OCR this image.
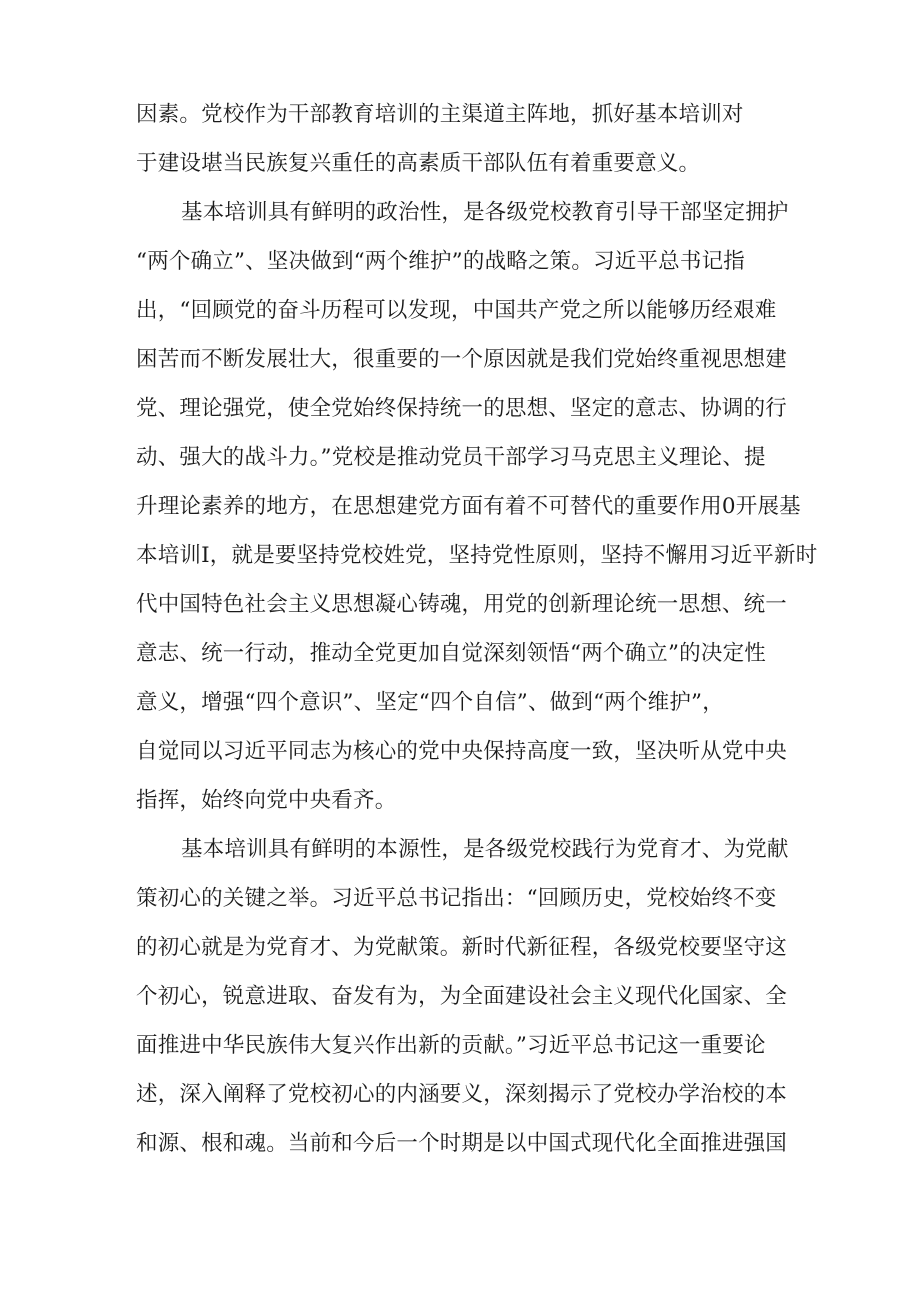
因素。党校作为干部教育培训的主渠道主阵地，抓好基本培训对
于建设堪当民族复兴重任的高素质干部队伍有着重要意义。
基本培训具有鲜明的政治性，是各级党校教育引导干部坚定拥护
“两个确立”、坚决做到“两个维护”的战略之策。习近平总书记指
出，“回顾党的奋斗历程可以发现，中国共产党之所以能够历经艰难
困苦而不断发展壮大，很重要的一个原因就是我们党始终重视思想建
党、理论强党，使全党始终保持统一的思想、坚定的意志、协调的行
动、强大的战斗力。”党校是推动党员干部学习马克思主义理论、提
升理论素养的地方，在思想建党方面有着不可替代的重要作用0开展基
本培训I，就是要坚持党校姓党，坚持党性原则，坚持不懈用习近平新时
代中国特色社会主义思想凝心铸魂，用党的创新理论统一思想、统一
意志、统一行动，推动全党更加自觉深刻领悟“两个确立”的决定性
意义，增强“四个意识”、坚定“四个自信”、做到“两个维护”，
自觉同以习近平同志为核心的党中央保持高度一致，坚决听从党中央
指挥，始终向党中央看齐。
基本培训具有鲜明的本源性，是各级党校践行为党育才、为党献
策初心的关键之举。习近平总书记指出：“回顾历史，党校始终不变
的初心就是为党育才、为党献策。新时代新征程，各级党校要坚守这
个初心，锐意进取、奋发有为，为全面建设社会主义现代化国家、全
面推进中华民族伟大复兴作出新的贡献。”习近平总书记这一重要论
述，深入阐释了党校初心的内涵要义，深刻揭示了党校办学治校的本
和源、根和魂。当前和今后一个时期是以中国式现代化全面推进强国
